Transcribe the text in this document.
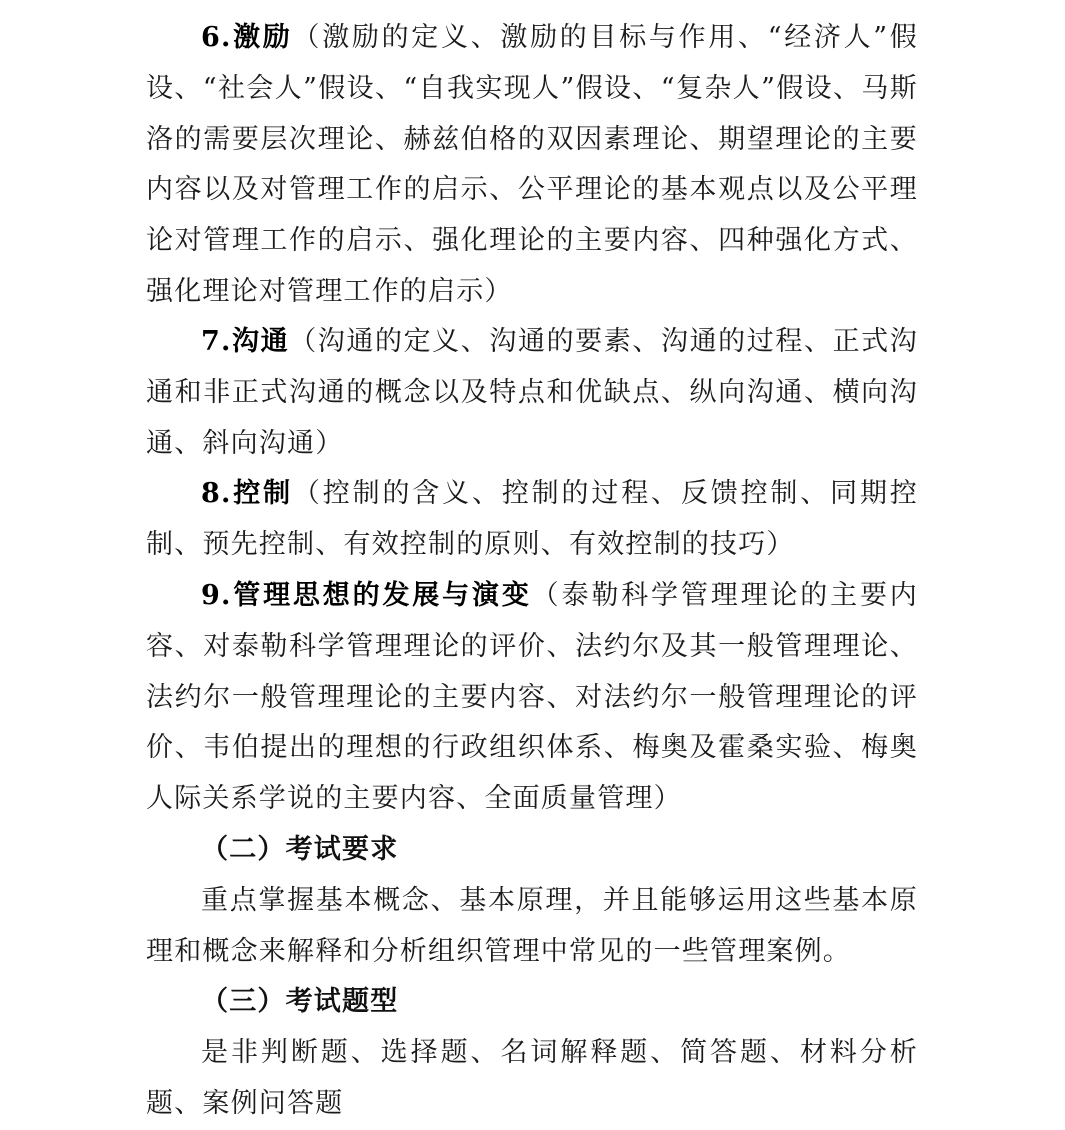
6.激励（激励的定义、激励的目标与作用、“经济人”假设、“社会人”假设、“自我实现人”假设、“复杂人”假设、马斯洛的需要层次理论、赫兹伯格的双因素理论、期望理论的主要内容以及对管理工作的启示、公平理论的基本观点以及公平理论对管理工作的启示、强化理论的主要内容、四种强化方式、强化理论对管理工作的启示）

7.沟通（沟通的定义、沟通的要素、沟通的过程、正式沟通和非正式沟通的概念以及特点和优缺点、纵向沟通、横向沟通、斜向沟通）

8.控制（控制的含义、控制的过程、反馈控制、同期控制、预先控制、有效控制的原则、有效控制的技巧）

9.管理思想的发展与演变（泰勒科学管理理论的主要内容、对泰勒科学管理理论的评价、法约尔及其一般管理理论、法约尔一般管理理论的主要内容、对法约尔一般管理理论的评价、韦伯提出的理想的行政组织体系、梅奥及霍桑实验、梅奥人际关系学说的主要内容、全面质量管理）

（二）考试要求

重点掌握基本概念、基本原理，并且能够运用这些基本原理和概念来解释和分析组织管理中常见的一些管理案例。

（三）考试题型

是非判断题、选择题、名词解释题、简答题、材料分析题、案例问答题
